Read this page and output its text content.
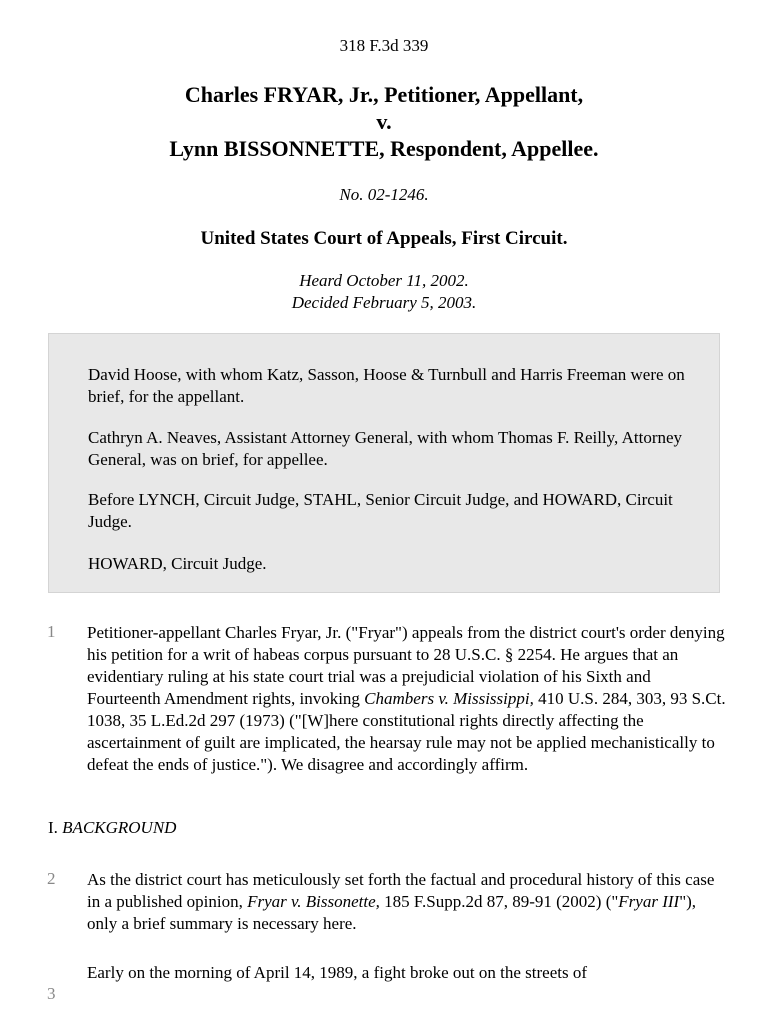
318 F.3d 339
Charles FRYAR, Jr., Petitioner, Appellant,
v.
Lynn BISSONNETTE, Respondent, Appellee.
No. 02-1246.
United States Court of Appeals, First Circuit.
Heard October 11, 2002.
Decided February 5, 2003.

David Hoose, with whom Katz, Sasson, Hoose & Turnbull and Harris Freeman were on brief, for the appellant.

Cathryn A. Neaves, Assistant Attorney General, with whom Thomas F. Reilly, Attorney General, was on brief, for appellee.

Before LYNCH, Circuit Judge, STAHL, Senior Circuit Judge, and HOWARD, Circuit Judge.

HOWARD, Circuit Judge.

1 Petitioner-appellant Charles Fryar, Jr. ("Fryar") appeals from the district court's order denying his petition for a writ of habeas corpus pursuant to 28 U.S.C. § 2254. He argues that an evidentiary ruling at his state court trial was a prejudicial violation of his Sixth and Fourteenth Amendment rights, invoking Chambers v. Mississippi, 410 U.S. 284, 303, 93 S.Ct. 1038, 35 L.Ed.2d 297 (1973) ("[W]here constitutional rights directly affecting the ascertainment of guilt are implicated, the hearsay rule may not be applied mechanistically to defeat the ends of justice."). We disagree and accordingly affirm.

I. BACKGROUND
2 As the district court has meticulously set forth the factual and procedural history of this case in a published opinion, Fryar v. Bissonette, 185 F.Supp.2d 87, 89-91 (2002) ("Fryar III"), only a brief summary is necessary here.

3

Early on the morning of April 14, 1989, a fight broke out on the streets of
